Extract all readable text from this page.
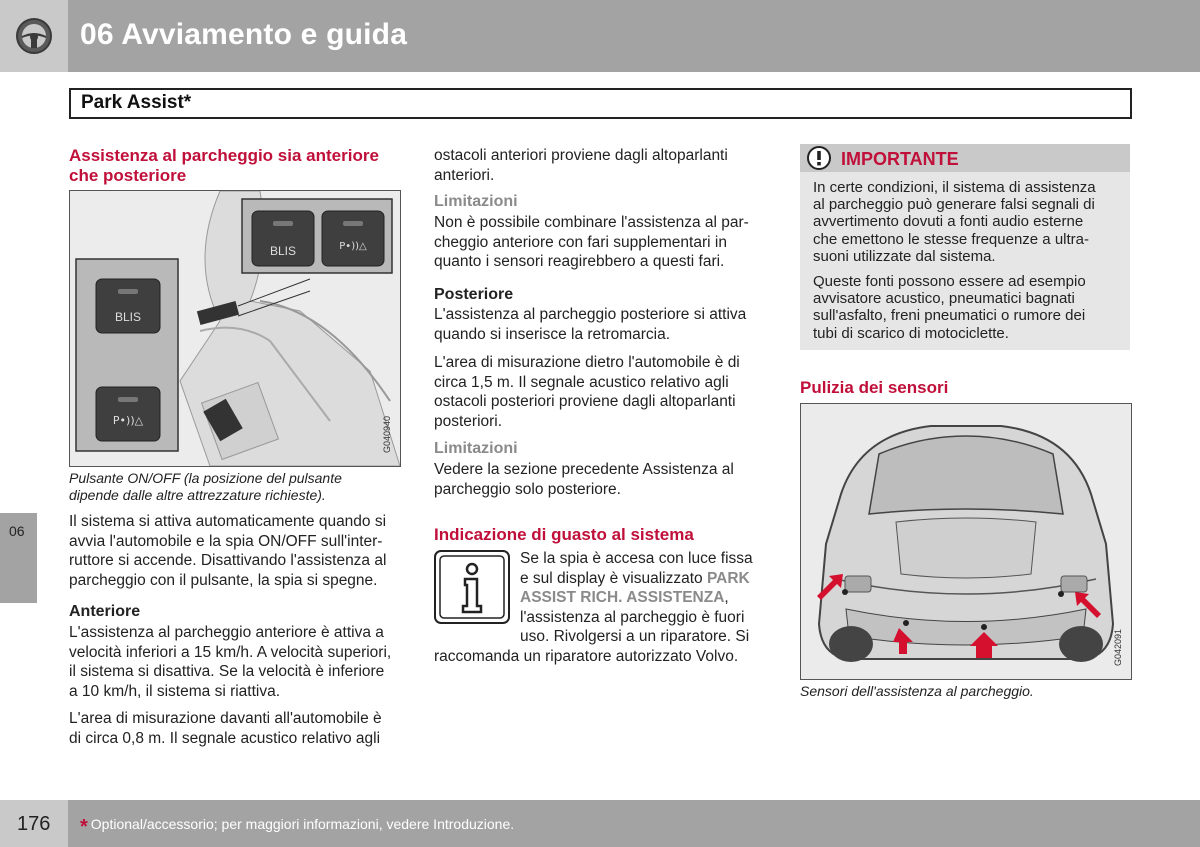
06 Avviamento e guida
Park Assist*
06
Assistenza al parcheggio sia anteriore
che posteriore
BLIS
P•))△
BLIS	P•))△
G040940
Pulsante ON/OFF (la posizione del pulsante
dipende dalle altre attrezzature richieste).
Il sistema si attiva automaticamente quando si
avvia l'automobile e la spia ON/OFF sull'inter-
ruttore si accende. Disattivando l'assistenza al
parcheggio con il pulsante, la spia si spegne.
Anteriore
L'assistenza al parcheggio anteriore è attiva a
velocità inferiori a 15 km/h. A velocità superiori,
il sistema si disattiva. Se la velocità è inferiore
a 10 km/h, il sistema si riattiva.
L'area di misurazione davanti all'automobile è
di circa 0,8 m. Il segnale acustico relativo agli
ostacoli anteriori proviene dagli altoparlanti
anteriori.
Limitazioni
Non è possibile combinare l'assistenza al par-
cheggio anteriore con fari supplementari in
quanto i sensori reagirebbero a questi fari.
Posteriore
L'assistenza al parcheggio posteriore si attiva
quando si inserisce la retromarcia.
L'area di misurazione dietro l'automobile è di
circa 1,5 m. Il segnale acustico relativo agli
ostacoli posteriori proviene dagli altoparlanti
posteriori.
Limitazioni
Vedere la sezione precedente Assistenza al
parcheggio solo posteriore.
Indicazione di guasto al sistema
Se la spia è accesa con luce fissa
e sul display è visualizzato PARK
ASSIST RICH. ASSISTENZA,
l'assistenza al parcheggio è fuori
uso. Rivolgersi a un riparatore. Si
raccomanda un riparatore autorizzato Volvo.
IMPORTANTE
In certe condizioni, il sistema di assistenza
al parcheggio può generare falsi segnali di
avvertimento dovuti a fonti audio esterne
che emettono le stesse frequenze a ultra-
suoni utilizzate dal sistema.
Queste fonti possono essere ad esempio
avvisatore acustico, pneumatici bagnati
sull'asfalto, freni pneumatici o rumore dei
tubi di scarico di motociclette.
Pulizia dei sensori
G042091
Sensori dell'assistenza al parcheggio.
176 * Optional/accessorio; per maggiori informazioni, vedere Introduzione.
